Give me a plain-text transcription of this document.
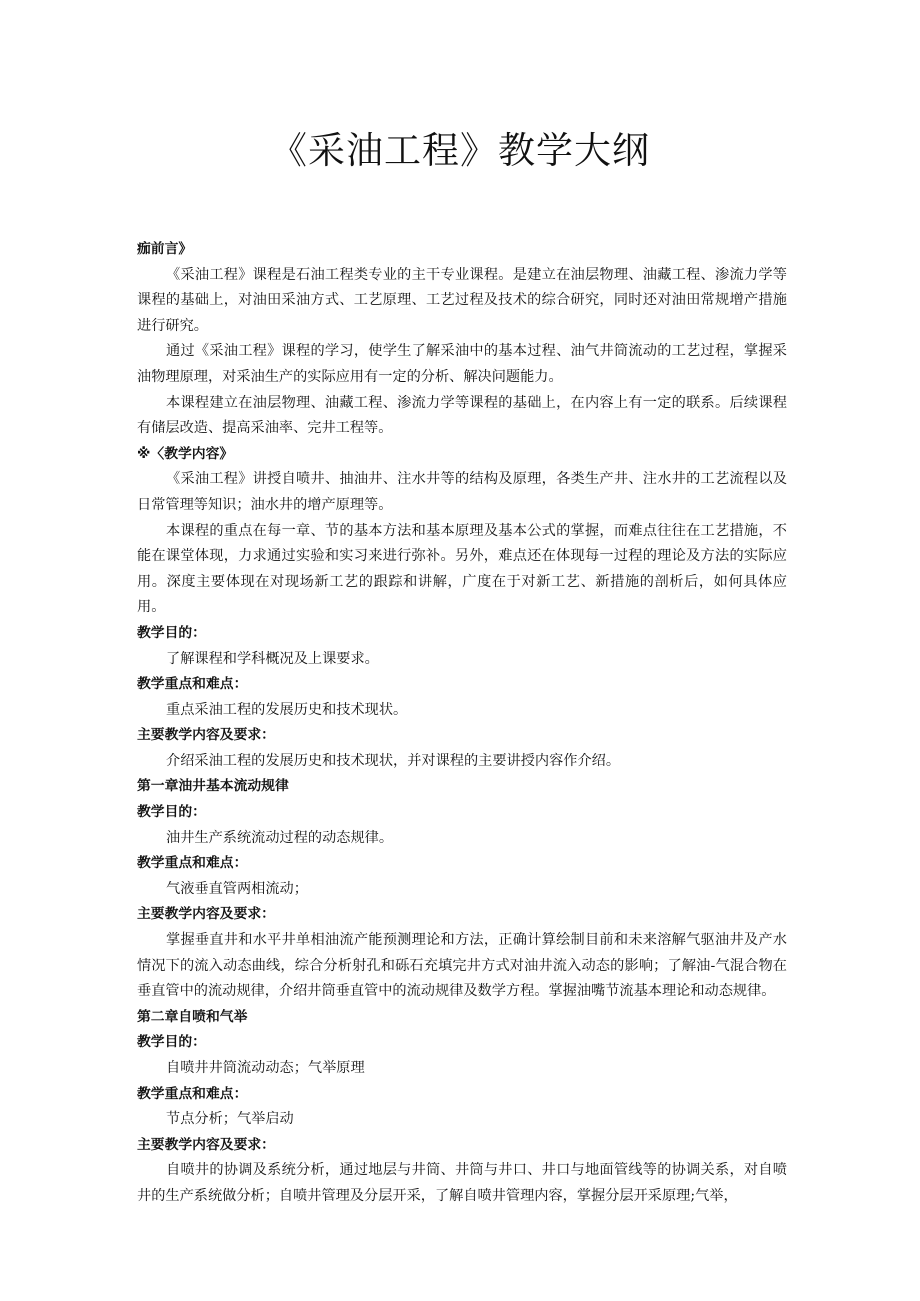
《采油工程》教学大纲
痂前言》

《采油工程》课程是石油工程类专业的主干专业课程。是建立在油层物理、油藏工程、渗流力学等课程的基础上，对油田采油方式、工艺原理、工艺过程及技术的综合研究，同时还对油田常规增产措施进行研究。

通过《采油工程》课程的学习，使学生了解采油中的基本过程、油气井筒流动的工艺过程，掌握采油物理原理，对采油生产的实际应用有一定的分析、解决问题能力。

本课程建立在油层物理、油藏工程、渗流力学等课程的基础上，在内容上有一定的联系。后续课程有储层改造、提高采油率、完井工程等。

※〈教学内容》

《采油工程》讲授自喷井、抽油井、注水井等的结构及原理，各类生产井、注水井的工艺流程以及日常管理等知识；油水井的增产原理等。

本课程的重点在每一章、节的基本方法和基本原理及基本公式的掌握，而难点往往在工艺措施，不能在课堂体现，力求通过实验和实习来进行弥补。另外，难点还在体现每一过程的理论及方法的实际应用。深度主要体现在对现场新工艺的跟踪和讲解，广度在于对新工艺、新措施的剖析后，如何具体应用。

教学目的：

了解课程和学科概况及上课要求。

教学重点和难点：

重点采油工程的发展历史和技术现状。

主要教学内容及要求：

介绍采油工程的发展历史和技术现状，并对课程的主要讲授内容作介绍。

第一章油井基本流动规律
教学目的：

油井生产系统流动过程的动态规律。

教学重点和难点：

气液垂直管两相流动；

主要教学内容及要求：

掌握垂直井和水平井单相油流产能预测理论和方法，正确计算绘制目前和未来溶解气驱油井及产水情况下的流入动态曲线，综合分析射孔和砾石充填完井方式对油井流入动态的影响；了解油-气混合物在垂直管中的流动规律，介绍井筒垂直管中的流动规律及数学方程。掌握油嘴节流基本理论和动态规律。

第二章自喷和气举
教学目的：

自喷井井筒流动动态；气举原理

教学重点和难点：

节点分析；气举启动

主要教学内容及要求：

自喷井的协调及系统分析，通过地层与井筒、井筒与井口、井口与地面管线等的协调关系，对自喷井的生产系统做分析；自喷井管理及分层开采，了解自喷井管理内容，掌握分层开采原理;气举，
